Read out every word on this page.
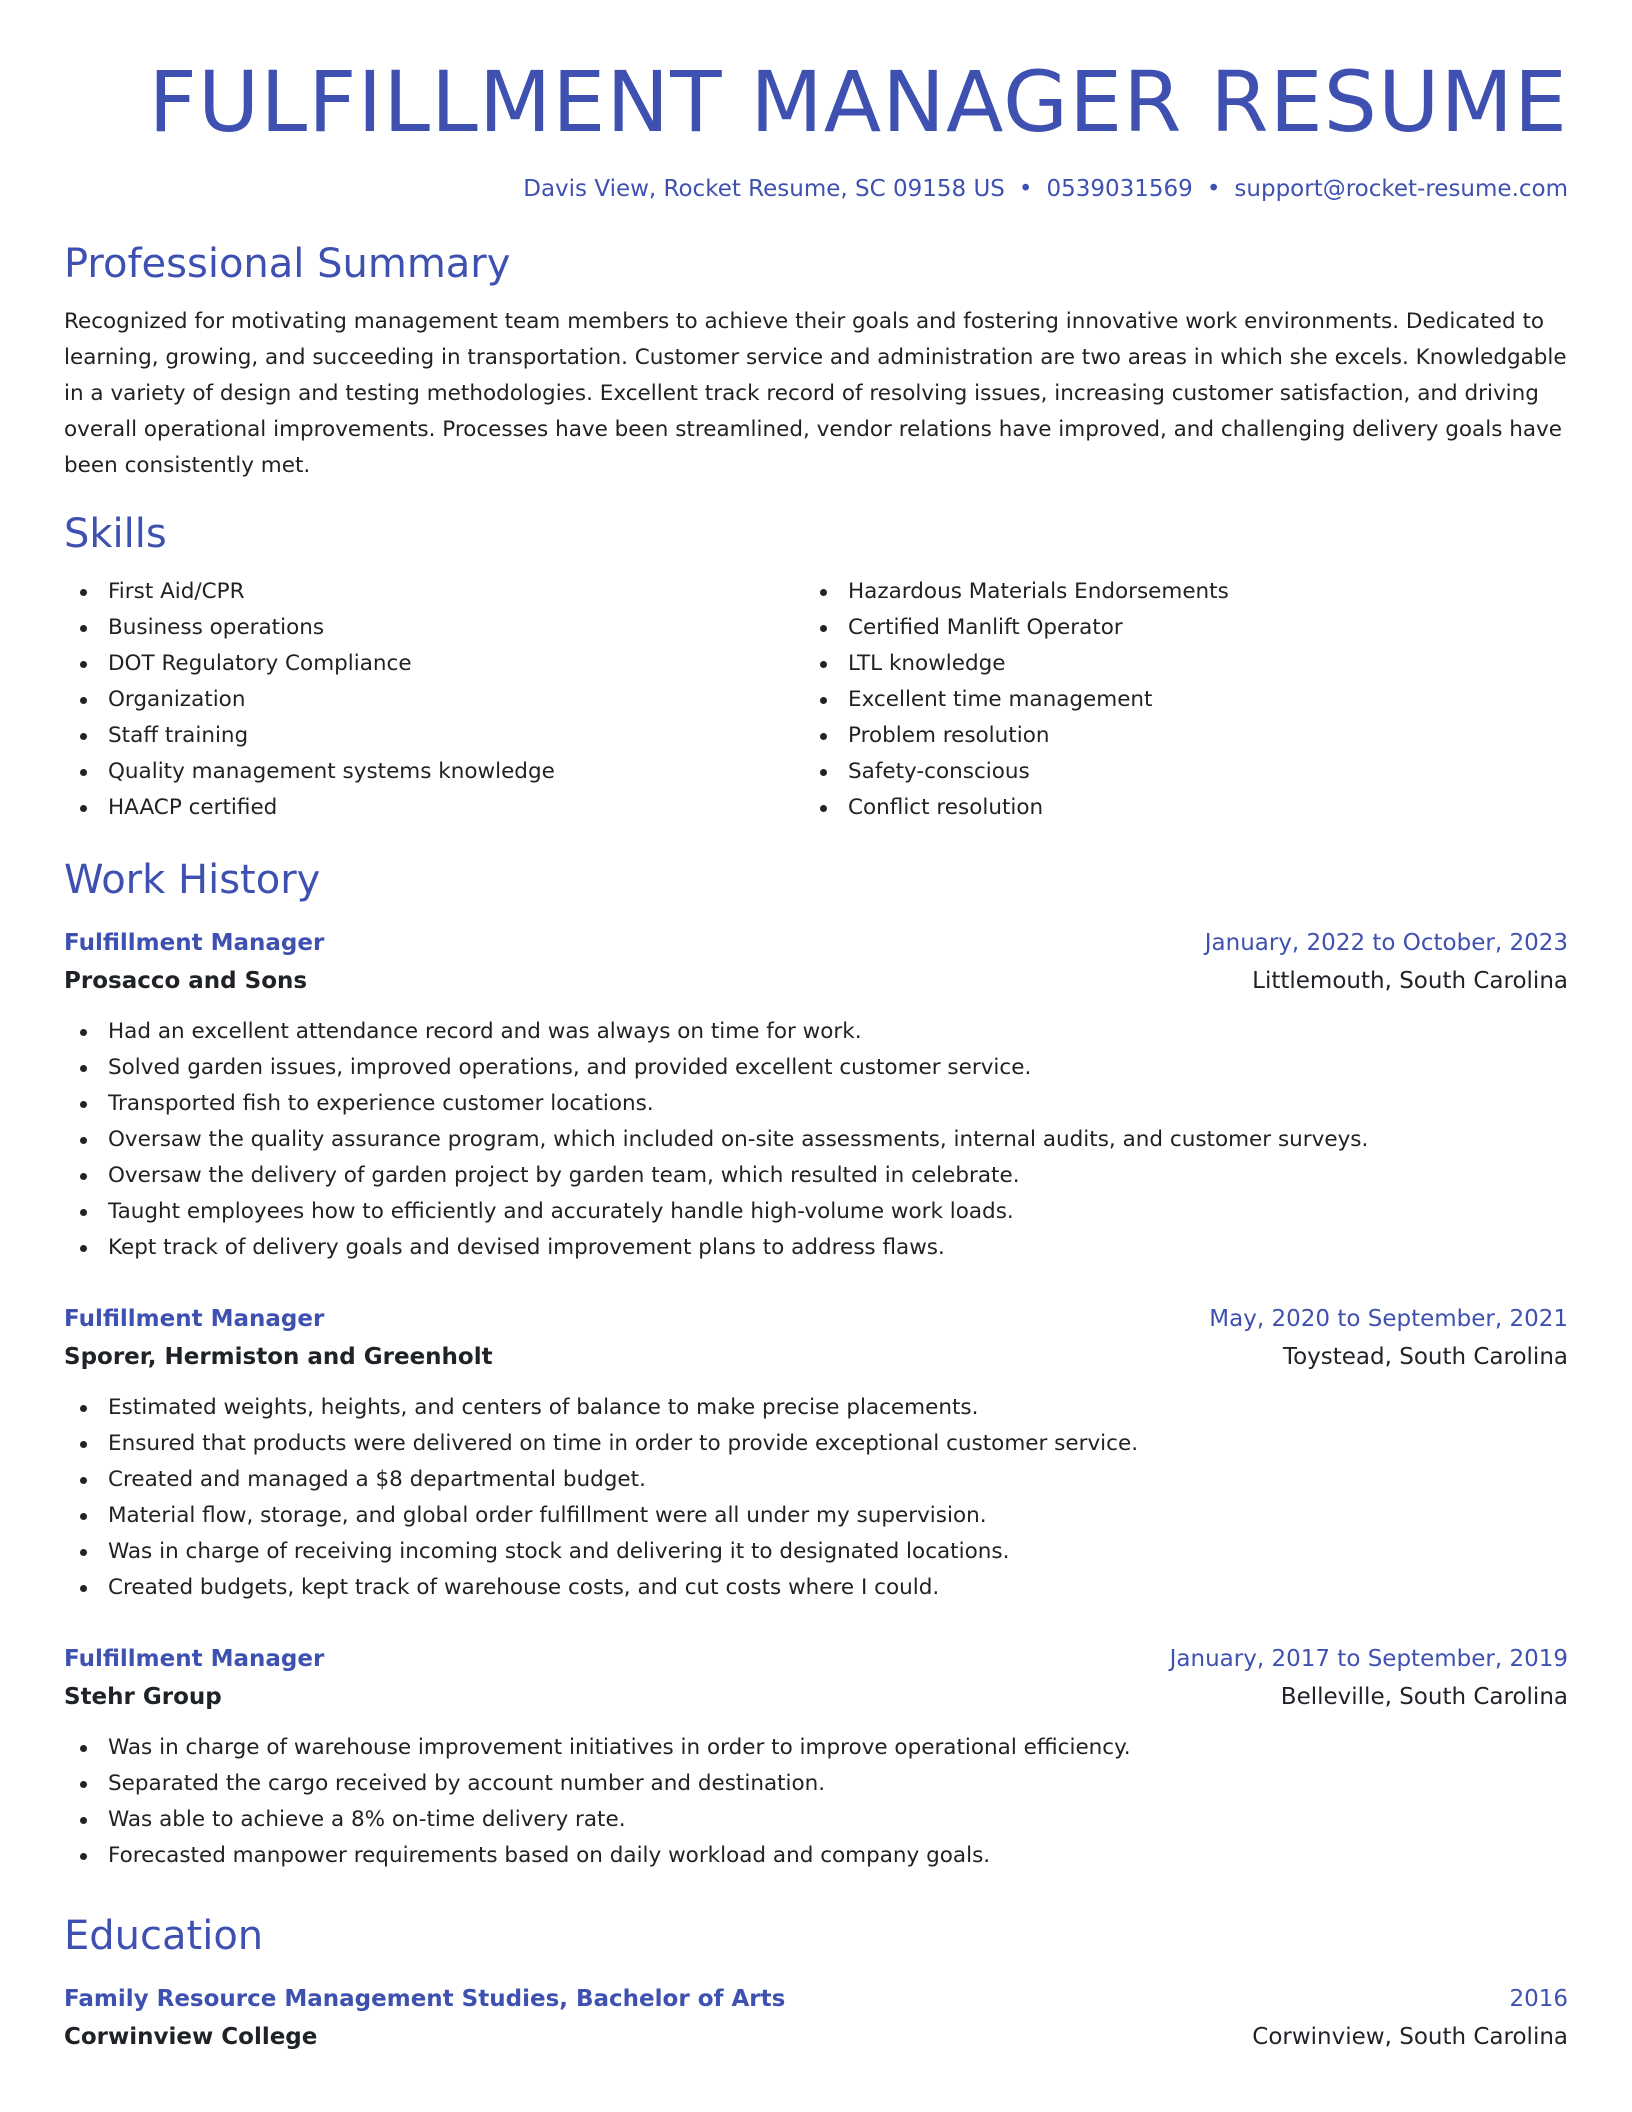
FULFILLMENT MANAGER RESUME
Davis View, Rocket Resume, SC 09158 US • 0539031569 • support@rocket-resume.com
Professional Summary

Recognized for motivating management team members to achieve their goals and fostering innovative work environments. Dedicated to learning, growing, and succeeding in transportation. Customer service and administration are two areas in which she excels. Knowledgable in a variety of design and testing methodologies. Excellent track record of resolving issues, increasing customer satisfaction, and driving overall operational improvements. Processes have been streamlined, vendor relations have improved, and challenging delivery goals have been consistently met.

Skills
First Aid/CPR
Business operations
DOT Regulatory Compliance
Organization
Staff training
Quality management systems knowledge
HAACP certified
Hazardous Materials Endorsements
Certified Manlift Operator
LTL knowledge
Excellent time management
Problem resolution
Safety-conscious
Conflict resolution
Work History
Fulfillment Manager	January, 2022 to October, 2023
Prosacco and Sons	Littlemouth, South Carolina
Had an excellent attendance record and was always on time for work.
Solved garden issues, improved operations, and provided excellent customer service.
Transported fish to experience customer locations.
Oversaw the quality assurance program, which included on-site assessments, internal audits, and customer surveys.
Oversaw the delivery of garden project by garden team, which resulted in celebrate.
Taught employees how to efficiently and accurately handle high-volume work loads.
Kept track of delivery goals and devised improvement plans to address flaws.
Fulfillment Manager	May, 2020 to September, 2021
Sporer, Hermiston and Greenholt	Toystead, South Carolina
Estimated weights, heights, and centers of balance to make precise placements.
Ensured that products were delivered on time in order to provide exceptional customer service.
Created and managed a $8 departmental budget.
Material flow, storage, and global order fulfillment were all under my supervision.
Was in charge of receiving incoming stock and delivering it to designated locations.
Created budgets, kept track of warehouse costs, and cut costs where I could.
Fulfillment Manager	January, 2017 to September, 2019
Stehr Group	Belleville, South Carolina
Was in charge of warehouse improvement initiatives in order to improve operational efficiency.
Separated the cargo received by account number and destination.
Was able to achieve a 8% on-time delivery rate.
Forecasted manpower requirements based on daily workload and company goals.
Education
Family Resource Management Studies, Bachelor of Arts	2016
Corwinview College	Corwinview, South Carolina
